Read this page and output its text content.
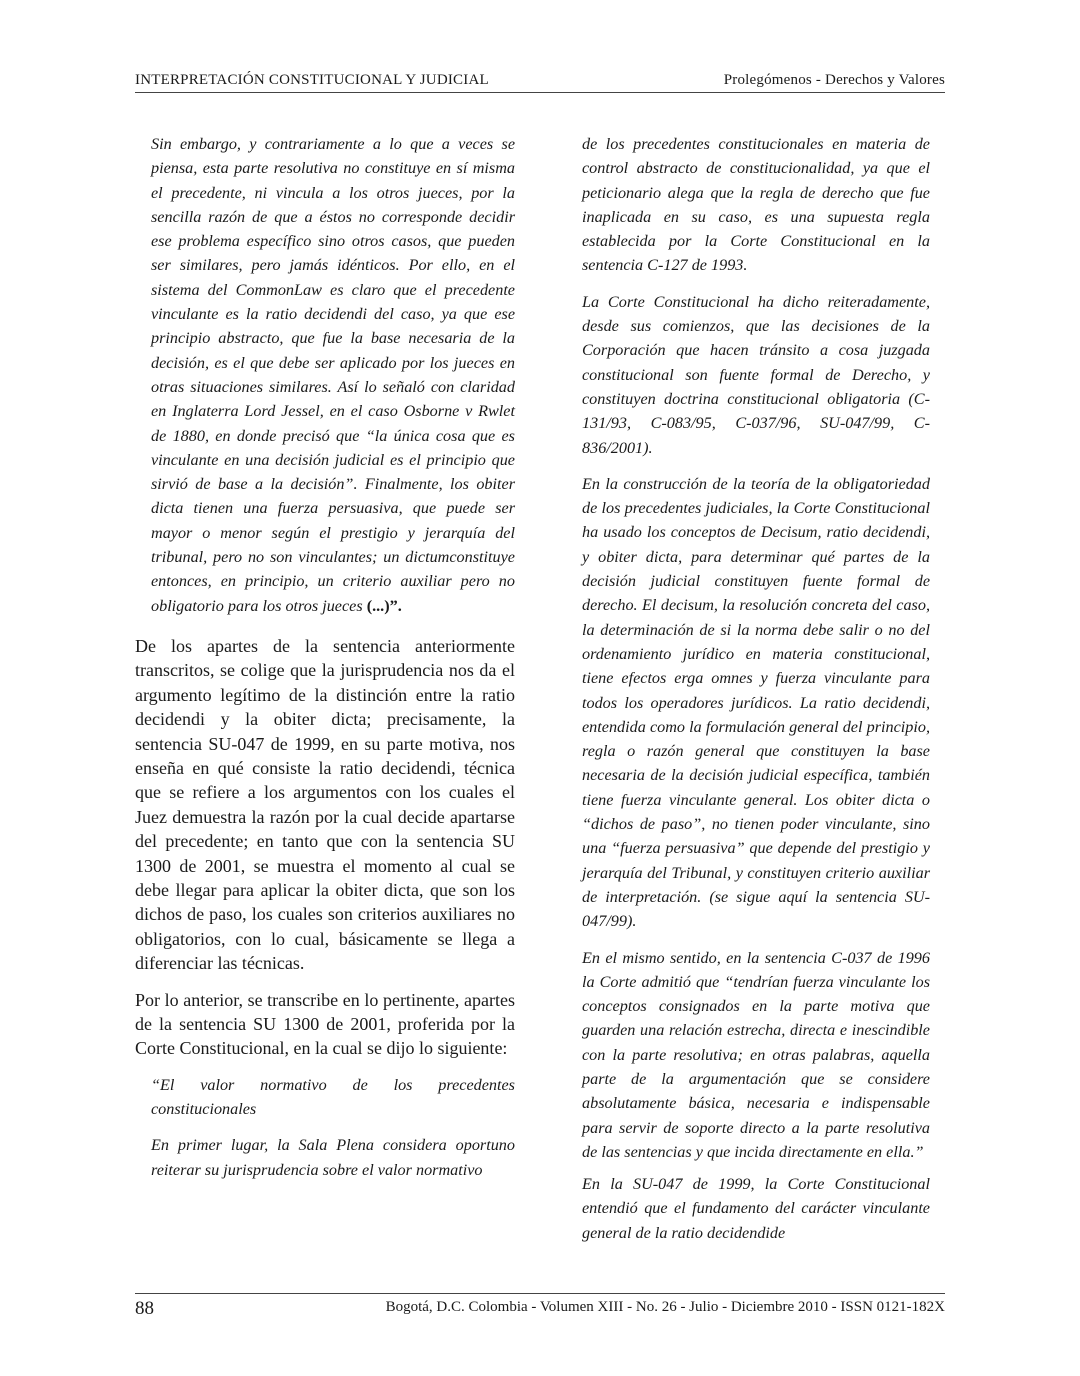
INTERPRETACIÓN CONSTITUCIONAL Y JUDICIAL	Prolegómenos - Derechos y Valores

Sin embargo, y contrariamente a lo que a veces se piensa, esta parte resolutiva no constituye en sí misma el precedente, ni vincula a los otros jueces, por la sencilla razón de que a éstos no corresponde decidir ese problema específico sino otros casos, que pueden ser similares, pero jamás idénticos. Por ello, en el sistema del CommonLaw es claro que el precedente vinculante es la ratio decidendi del caso, ya que ese principio abstracto, que fue la base necesaria de la decisión, es el que debe ser aplicado por los jueces en otras situaciones similares. Así lo señaló con claridad en Inglaterra Lord Jessel, en el caso Osborne v Rwlet de 1880, en donde precisó que “la única cosa que es vinculante en una decisión judicial es el principio que sirvió de base a la decisión”. Finalmente, los obiter dicta tienen una fuerza persuasiva, que puede ser mayor o menor según el prestigio y jerarquía del tribunal, pero no son vinculantes; un dictumconstituye entonces, en principio, un criterio auxiliar pero no obligatorio para los otros jueces (...)”.

De los apartes de la sentencia anteriormente transcritos, se colige que la jurisprudencia nos da el argumento legítimo de la distinción entre la ratio decidendi y la obiter dicta; precisamente, la sentencia SU-047 de 1999, en su parte motiva, nos enseña en qué consiste la ratio decidendi, técnica que se refiere a los argumentos con los cuales el Juez demuestra la razón por la cual decide apartarse del precedente; en tanto que con la sentencia SU 1300 de 2001, se muestra el momento al cual se debe llegar para aplicar la obiter dicta, que son los dichos de paso, los cuales son criterios auxiliares no obligatorios, con lo cual, básicamente se llega a diferenciar las técnicas.

Por lo anterior, se transcribe en lo pertinente, apartes de la sentencia SU 1300 de 2001, proferida por la Corte Constitucional, en la cual se dijo lo siguiente:

“El valor normativo de los precedentes constitucionales

En primer lugar, la Sala Plena considera oportuno reiterar su jurisprudencia sobre el valor normativo

de los precedentes constitucionales en materia de control abstracto de constitucionalidad, ya que el peticionario alega que la regla de derecho que fue inaplicada en su caso, es una supuesta regla establecida por la Corte Constitucional en la sentencia C-127 de 1993.

La Corte Constitucional ha dicho reiteradamente, desde sus comienzos, que las decisiones de la Corporación que hacen tránsito a cosa juzgada constitucional son fuente formal de Derecho, y constituyen doctrina constitucional obligatoria (C-131/93, C-083/95, C-037/96, SU-047/99, C-836/2001).

En la construcción de la teoría de la obligatoriedad de los precedentes judiciales, la Corte Constitucional ha usado los conceptos de Decisum, ratio decidendi, y obiter dicta, para determinar qué partes de la decisión judicial constituyen fuente formal de derecho. El decisum, la resolución concreta del caso, la determinación de si la norma debe salir o no del ordenamiento jurídico en materia constitucional, tiene efectos erga omnes y fuerza vinculante para todos los operadores jurídicos. La ratio decidendi, entendida como la formulación general del principio, regla o razón general que constituyen la base necesaria de la decisión judicial específica, también tiene fuerza vinculante general. Los obiter dicta o “dichos de paso”, no tienen poder vinculante, sino una “fuerza persuasiva” que depende del prestigio y jerarquía del Tribunal, y constituyen criterio auxiliar de interpretación. (se sigue aquí la sentencia SU-047/99).

En el mismo sentido, en la sentencia C-037 de 1996 la Corte admitió que “tendrían fuerza vinculante los conceptos consignados en la parte motiva que guarden una relación estrecha, directa e inescindible con la parte resolutiva; en otras palabras, aquella parte de la argumentación que se considere absolutamente básica, necesaria e indispensable para servir de soporte directo a la parte resolutiva de las sentencias y que incida directamente en ella.”

En la SU-047 de 1999, la Corte Constitucional entendió que el fundamento del carácter vinculante general de la ratio decidendide

88	Bogotá, D.C. Colombia - Volumen XIII - No. 26 - Julio - Diciembre 2010 - ISSN 0121-182X
